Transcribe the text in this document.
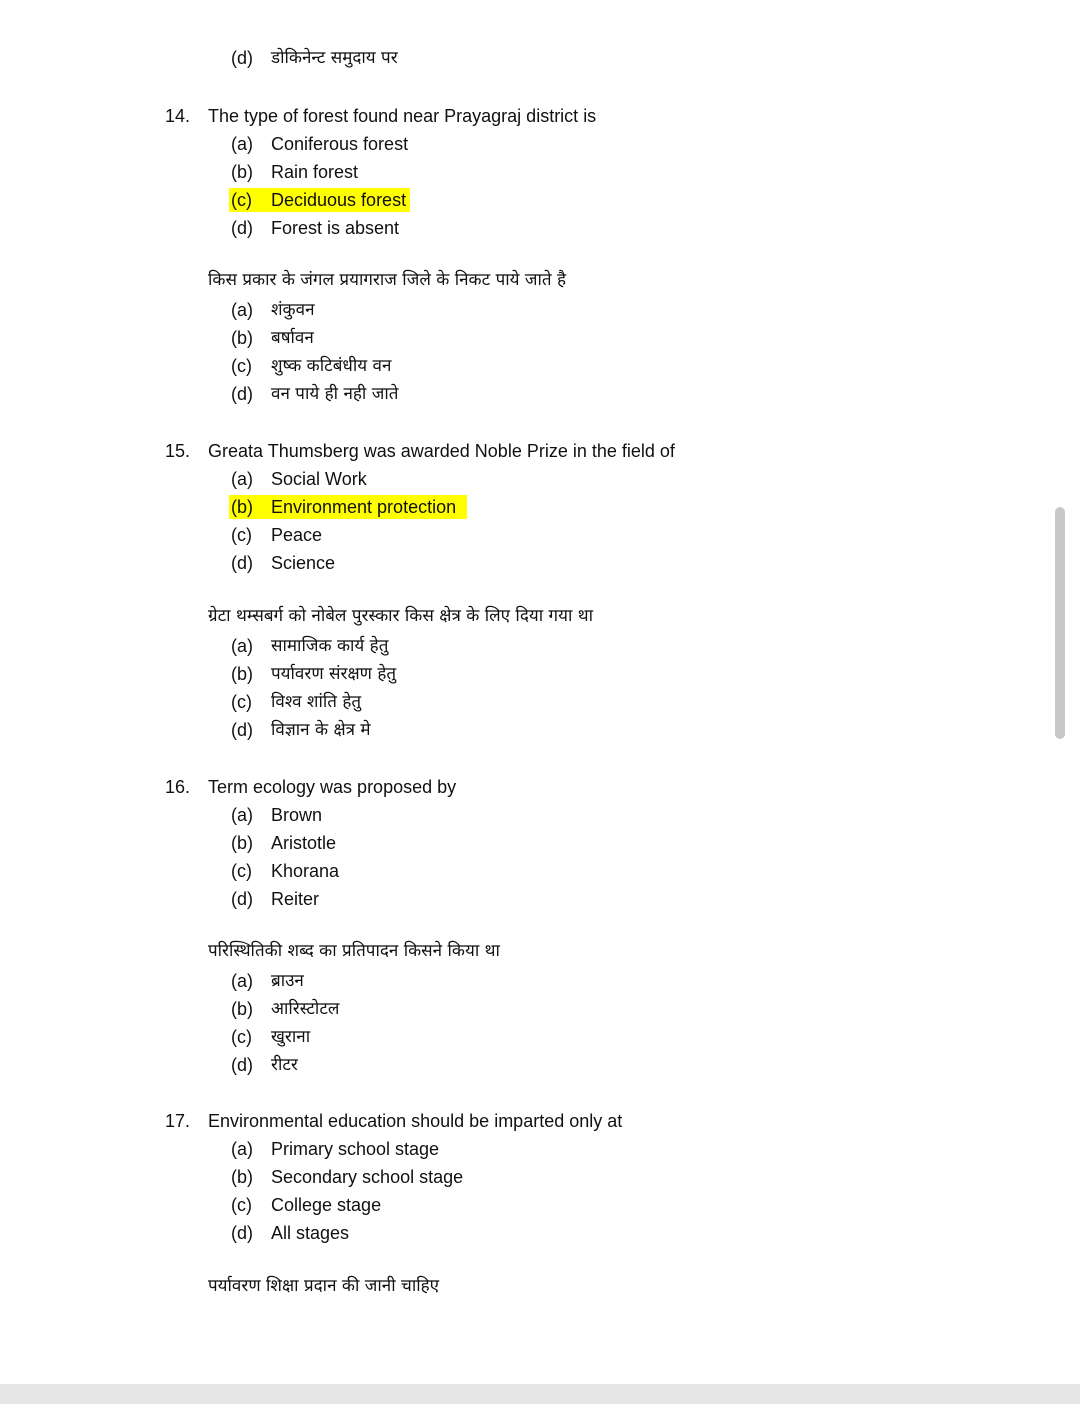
(d) डोकिनेन्ट समुदाय पर
14. The type of forest found near Prayagraj district is
(a) Coniferous forest
(b) Rain forest
(c) Deciduous forest
(d) Forest is absent
किस प्रकार के जंगल प्रयागराज जिले के निकट पाये जाते है
(a) शंकुवन
(b) बर्षावन
(c) शुष्क कटिबंधीय वन
(d) वन पाये ही नही जाते
15. Greata Thumsberg was awarded Noble Prize in the field of
(a) Social Work
(b) Environment protection
(c) Peace
(d) Science
ग्रेटा थम्सबर्ग को नोबेल पुरस्कार किस क्षेत्र के लिए दिया गया था
(a) सामाजिक कार्य हेतु
(b) पर्यावरण संरक्षण हेतु
(c) विश्व शांति हेतु
(d) विज्ञान के क्षेत्र मे
16. Term ecology was proposed by
(a) Brown
(b) Aristotle
(c) Khorana
(d) Reiter
परिस्थितिकी शब्द का प्रतिपादन किसने किया था
(a) ब्राउन
(b) आरिस्टोटल
(c) खुराना
(d) रीटर
17. Environmental education should be imparted only at
(a) Primary school stage
(b) Secondary school stage
(c) College stage
(d) All stages
पर्यावरण शिक्षा प्रदान की जानी चाहिए
